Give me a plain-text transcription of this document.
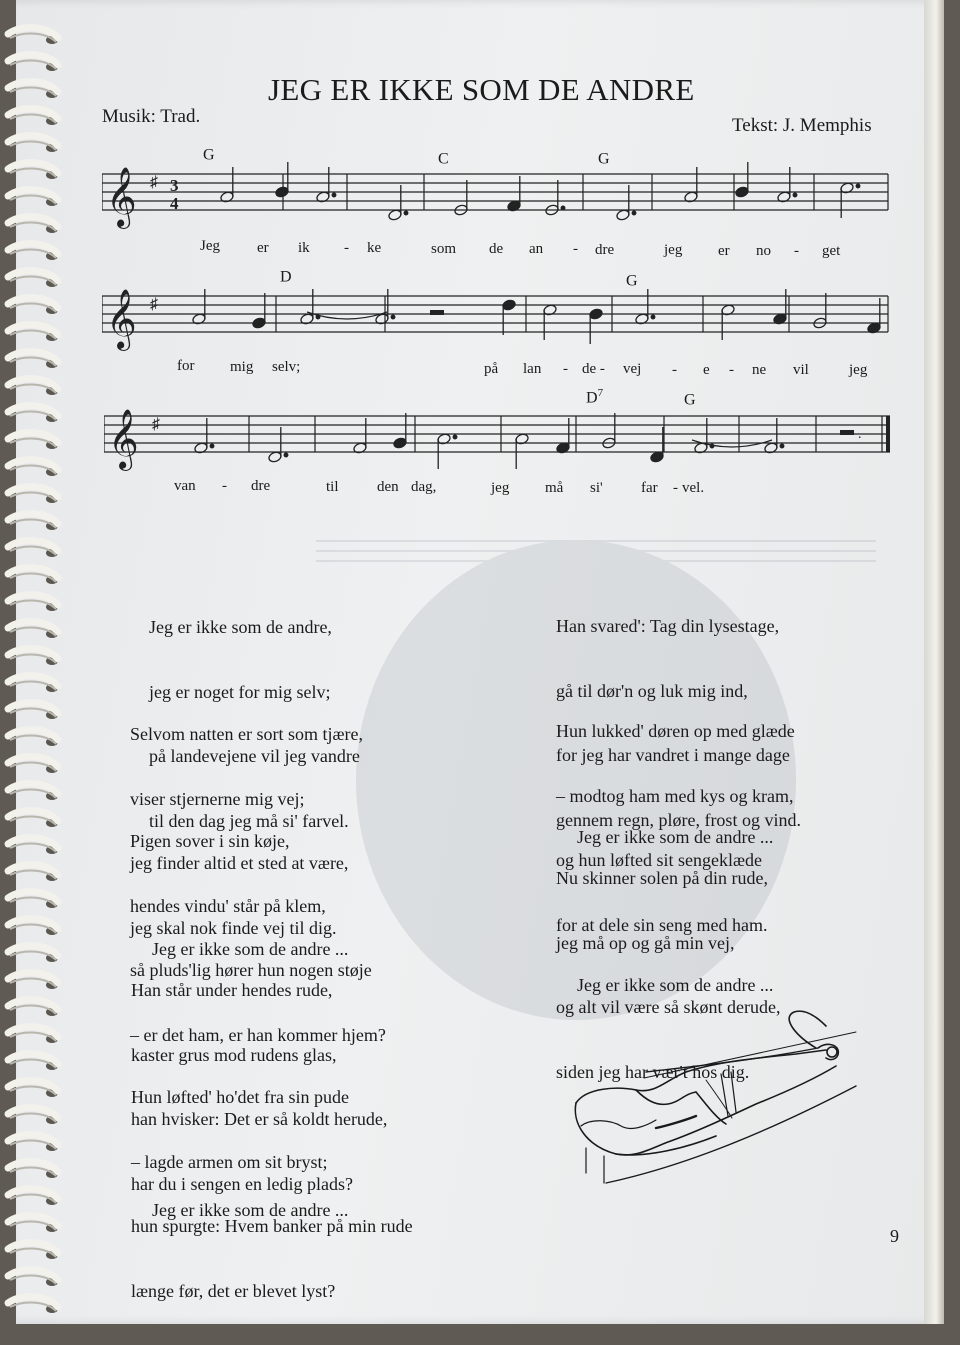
JEG ER IKKE SOM DE ANDRE
Musik: Trad.	Tekst: J. Memphis
G	C	G
𝄞 ♯ 3
4
Jeg er ik - ke	som de an - dre	jeg er no - get
D	G
𝄞 ♯
for mig selv;	på lan - de - vej - e - ne vil	jeg
$D^7$	G
𝄞 ♯
.
van - dre	til	den dag,	jeg må si'	far - vel.

Jeg er ikke som de andre,

jeg er noget for mig selv;

på landevejene vil jeg vandre

til den dag jeg må si' farvel.

Selvom natten er sort som tjære,

viser stjernerne mig vej;

jeg finder altid et sted at være,

jeg skal nok finde vej til dig.

Pigen sover i sin køje,

hendes vindu' står på klem,

så pluds'lig hører hun nogen støje

– er det ham, er han kommer hjem?

Jeg er ikke som de andre ...

Han står under hendes rude,

kaster grus mod rudens glas,

han hvisker: Det er så koldt herude,

har du i sengen en ledig plads?

Hun løfted' ho'det fra sin pude

– lagde armen om sit bryst;

hun spurgte: Hvem banker på min rude

længe før, det er blevet lyst?

Jeg er ikke som de andre ...

Han svared': Tag din lysestage,

gå til dør'n og luk mig ind,

for jeg har vandret i mange dage

gennem regn, pløre, frost og vind.

Hun lukked' døren op med glæde

– modtog ham med kys og kram,

og hun løfted sit sengeklæde

for at dele sin seng med ham.

Jeg er ikke som de andre ...

Nu skinner solen på din rude,

jeg må op og gå min vej,

og alt vil være så skønt derude,

siden jeg har vær't hos dig.

Jeg er ikke som de andre ...

9
